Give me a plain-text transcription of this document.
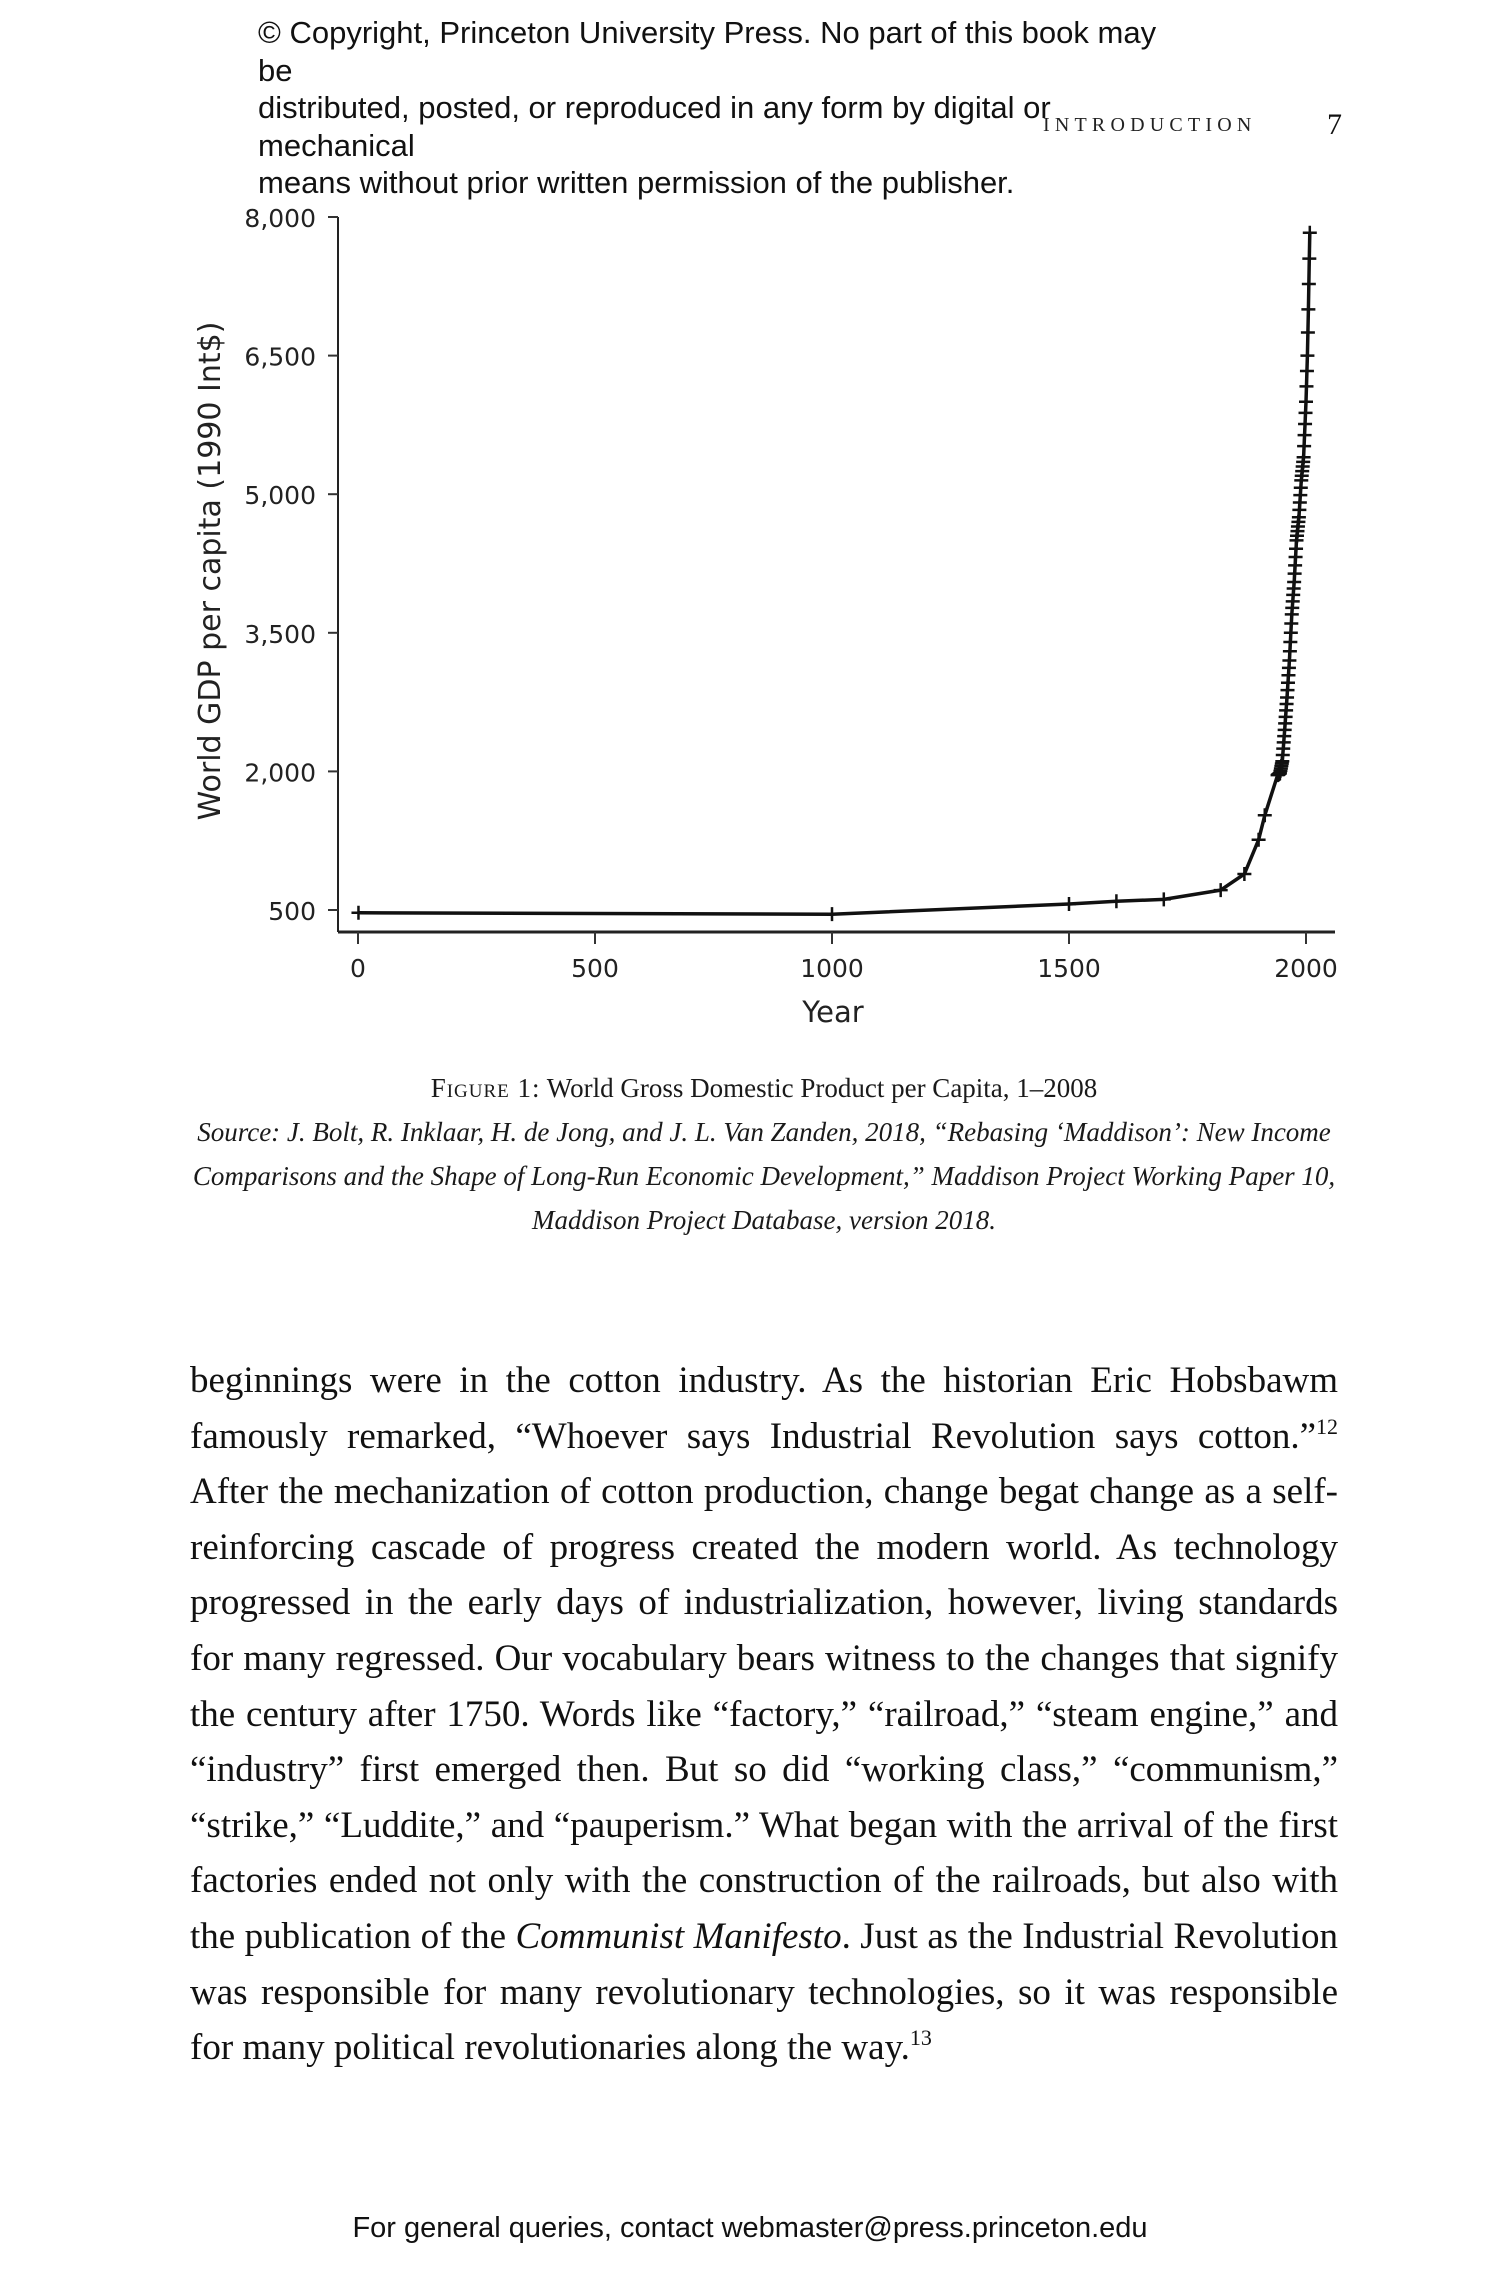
© Copyright, Princeton University Press. No part of this book may be
distributed, posted, or reproduced in any form by digital or mechanical
means without prior written permission of the publisher.
INTRODUCTION 7
500
2,000
3,500
5,000
6,500
8,000
0	500	1000	1500	2000
World GDP per capita (1990 Int$)
Year
Figure 1: World Gross Domestic Product per Capita, 1–2008
Source: J. Bolt, R. Inklaar, H. de Jong, and J. L. Van Zanden, 2018, “Rebasing ‘Maddison’: New Income Comparisons and the Shape of Long-Run Economic Development,” Maddison Project Working Paper 10, Maddison Project Database, version 2018.
beginnings were in the cotton industry. As the historian Eric Hobsbawm famously remarked, “Whoever says Industrial Revolution says cotton.”$^{12}$ After the mechanization of cotton production, change begat change as a self-reinforcing cascade of progress created the modern world. As technology progressed in the early days of industrialization, however, living standards for many regressed. Our vocabulary bears witness to the changes that signify the century after 1750. Words like “factory,” “railroad,” “steam engine,” and “industry” first emerged then. But so did “working class,” “communism,” “strike,” “Luddite,” and “pauperism.” What began with the arrival of the first factories ended not only with the construction of the railroads, but also with the publication of the Communist Manifesto. Just as the Industrial Revolution was responsible for many revolutionary technologies, so it was responsible for many political revolutionaries along the way.$^{13}$
For general queries, contact webmaster@press.princeton.edu
